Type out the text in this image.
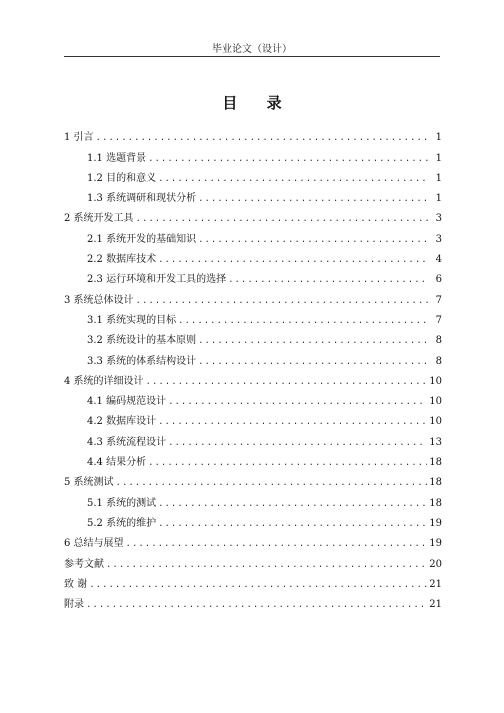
毕业论文（设计）
目 录
1 引言 .....	1
1.1 选题背景 .....	1
1.2 目的和意义 .....	1
1.3 系统调研和现状分析 .....	1
2 系统开发工具 .....	3
2.1 系统开发的基础知识 .....	3
2.2 数据库技术 .....	4
2.3 运行环境和开发工具的选择 .....	6
3 系统总体设计 .....	7
3.1 系统实现的目标 .....	7
3.2 系统设计的基本原则 .....	8
3.3 系统的体系结构设计 .....	8
4 系统的详细设计 .....	10
4.1 编码规范设计 .....	10
4.2 数据库设计 .....	10
4.3 系统流程设计 .....	13
4.4 结果分析 .....	18
5 系统测试 .....	18
5.1 系统的测试 .....	18
5.2 系统的维护 .....	19
6 总结与展望 .....	19
参考文献 .....	20
致 谢 .....	21
附录 .....	21
